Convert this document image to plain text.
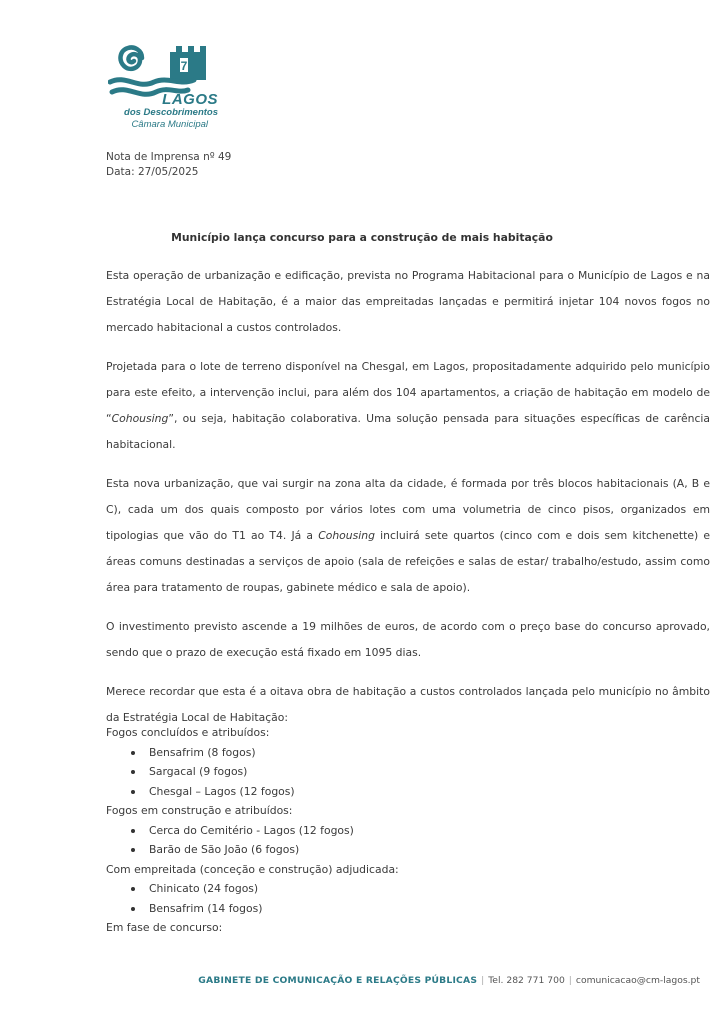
7
LAGOS
dos Descobrimentos
Câmara Municipal
Nota de Imprensa nº 49
Data: 27/05/2025
Município lança concurso para a construção de mais habitação

Esta operação de urbanização e edificação, prevista no Programa Habitacional para o Município de Lagos e na Estratégia Local de Habitação, é a maior das empreitadas lançadas e permitirá injetar 104 novos fogos no mercado habitacional a custos controlados.

Projetada para o lote de terreno disponível na Chesgal, em Lagos, propositadamente adquirido pelo município para este efeito, a intervenção inclui, para além dos 104 apartamentos, a criação de habitação em modelo de “Cohousing”, ou seja, habitação colaborativa. Uma solução pensada para situações específicas de carência habitacional.

Esta nova urbanização, que vai surgir na zona alta da cidade, é formada por três blocos habitacionais (A, B e C), cada um dos quais composto por vários lotes com uma volumetria de cinco pisos, organizados em tipologias que vão do T1 ao T4. Já a Cohousing incluirá sete quartos (cinco com e dois sem kitchenette) e áreas comuns destinadas a serviços de apoio (sala de refeições e salas de estar/ trabalho/estudo, assim como área para tratamento de roupas, gabinete médico e sala de apoio).

O investimento previsto ascende a 19 milhões de euros, de acordo com o preço base do concurso aprovado, sendo que o prazo de execução está fixado em 1095 dias.

Merece recordar que esta é a oitava obra de habitação a custos controlados lançada pelo município no âmbito da Estratégia Local de Habitação:

Fogos concluídos e atribuídos:
Bensafrim (8 fogos)
Sargacal (9 fogos)
Chesgal – Lagos (12 fogos)
Fogos em construção e atribuídos:
Cerca do Cemitério - Lagos (12 fogos)
Barão de São João (6 fogos)
Com empreitada (conceção e construção) adjudicada:
Chinicato (24 fogos)
Bensafrim (14 fogos)
Em fase de concurso:
GABINETE DE COMUNICAÇÃO E RELAÇÕES PÚBLICAS | Tel. 282 771 700 | comunicacao@cm-lagos.pt
